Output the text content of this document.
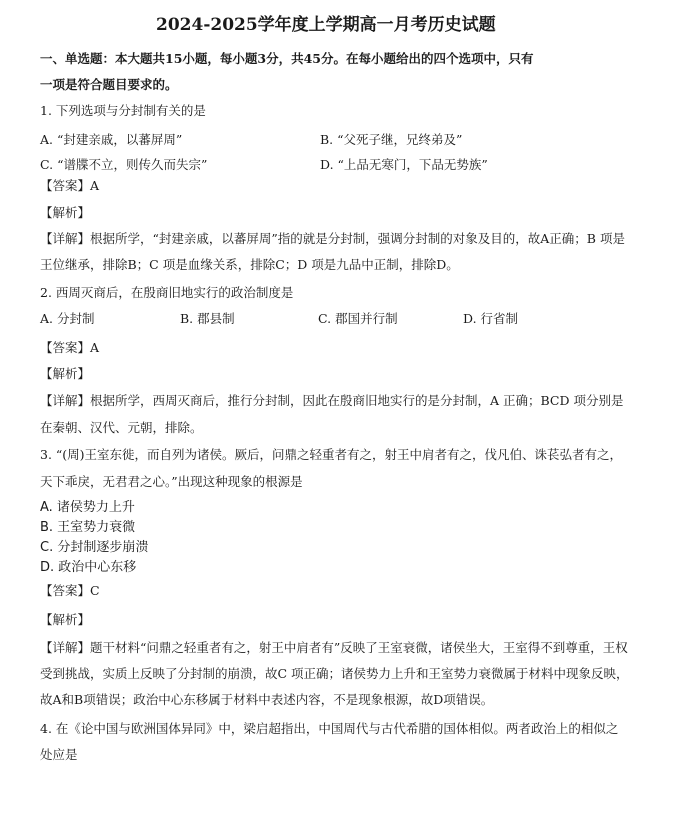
2024-2025学年度上学期高一月考历史试题
一、单选题：本大题共15小题，每小题3分，共45分。在每小题给出的四个选项中，只有
一项是符合题目要求的。
1. 下列选项与分封制有关的是
A. “封建亲戚，以蕃屏周”	B. “父死子继，兄终弟及”
C. “谱牒不立，则传久而失宗”	D. “上品无寒门，下品无势族”
【答案】A
【解析】
【详解】根据所学，“封建亲戚，以蕃屏周”指的就是分封制，强调分封制的对象及目的，故A正确；B 项是
王位继承，排除B；C 项是血缘关系，排除C；D 项是九品中正制，排除D。
2. 西周灭商后，在殷商旧地实行的政治制度是
A. 分封制	B. 郡县制	C. 郡国并行制	D. 行省制
【答案】A
【解析】
【详解】根据所学，西周灭商后，推行分封制，因此在殷商旧地实行的是分封制，A 正确；BCD 项分别是
在秦朝、汉代、元朝，排除。
3. “(周)王室东徙，而自列为诸侯。厥后，问鼎之轻重者有之，射王中肩者有之，伐凡伯、诛苌弘者有之，
天下乖戾，无君君之心。”出现这种现象的根源是
A. 诸侯势力上升
B. 王室势力衰微
C. 分封制逐步崩溃
D. 政治中心东移
【答案】C
【解析】
【详解】题干材料“问鼎之轻重者有之，射王中肩者有”反映了王室衰微，诸侯坐大，王室得不到尊重，王权
受到挑战，实质上反映了分封制的崩溃，故C 项正确；诸侯势力上升和王室势力衰微属于材料中现象反映，
故A和B项错误；政治中心东移属于材料中表述内容，不是现象根源，故D项错误。
4. 在《论中国与欧洲国体异同》中，梁启超指出，中国周代与古代希腊的国体相似。两者政治上的相似之
处应是
